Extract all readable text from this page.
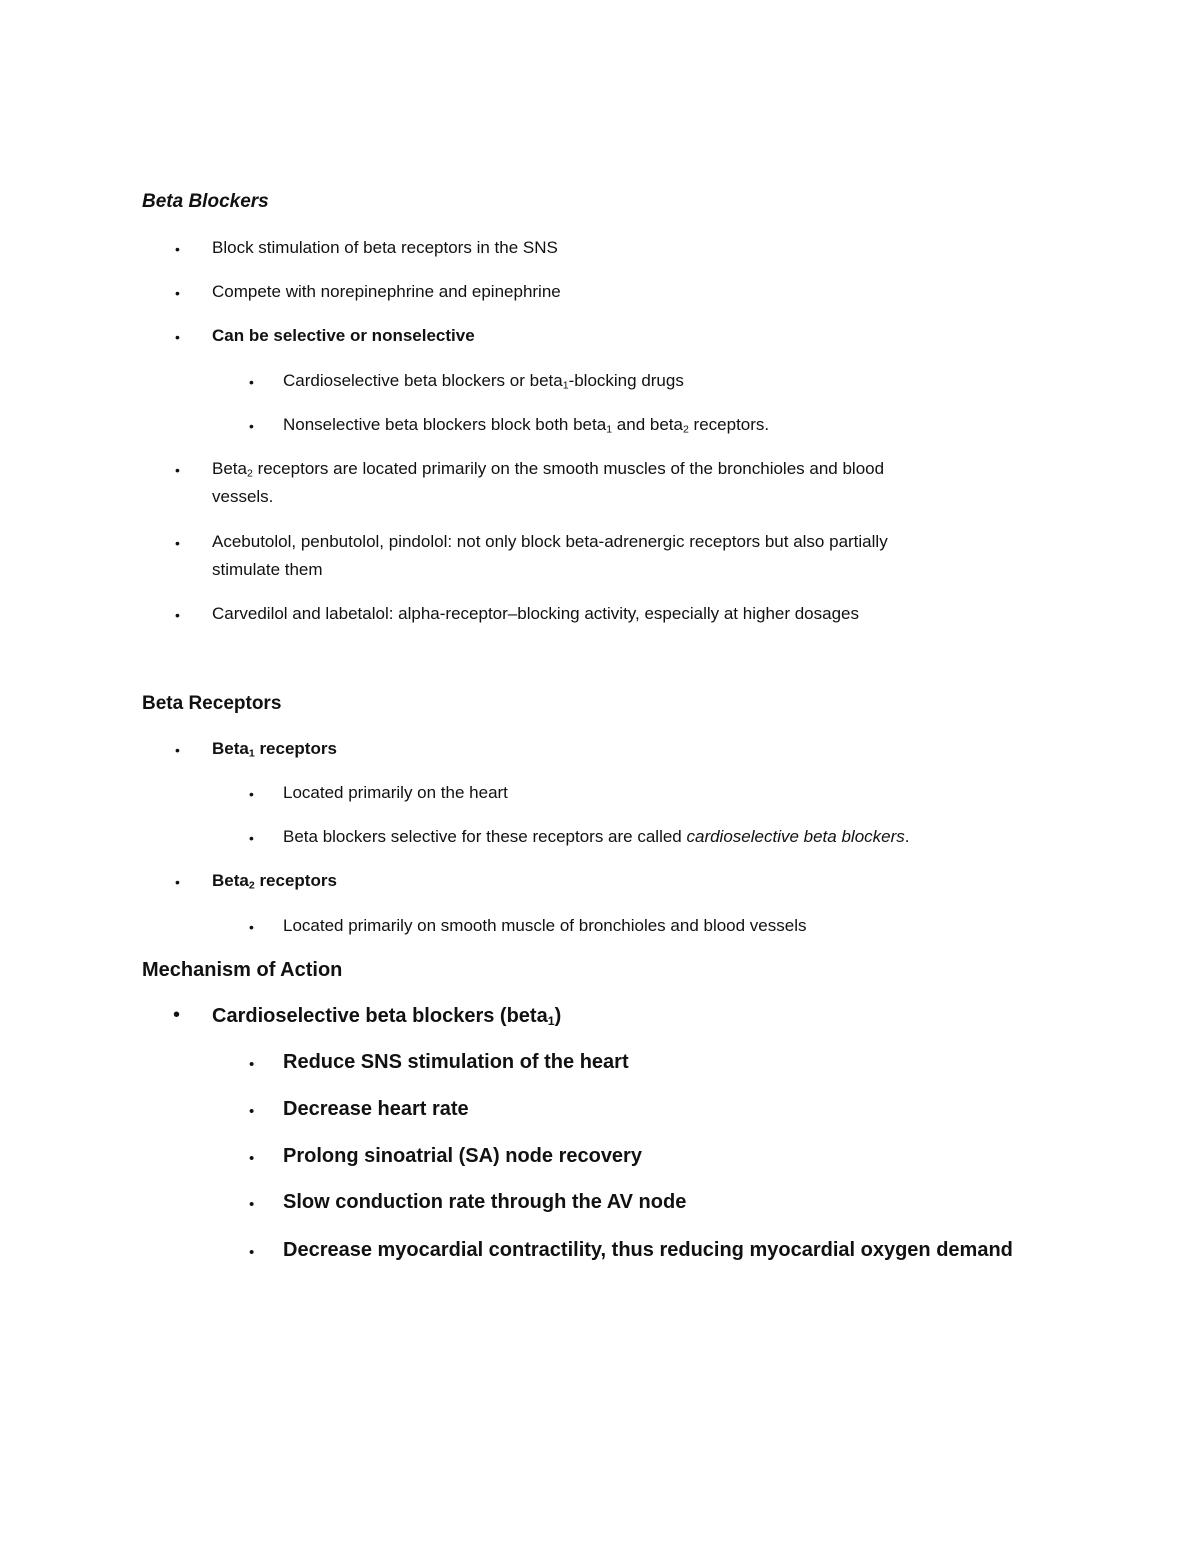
Beta Blockers
• Block stimulation of beta receptors in the SNS
• Compete with norepinephrine and epinephrine
• Can be selective or nonselective
• Cardioselective beta blockers or beta$_1$-blocking drugs
• Nonselective beta blockers block both beta$_1$ and beta$_2$ receptors.
• Beta$_2$ receptors are located primarily on the smooth muscles of the bronchioles and blood
vessels.
• Acebutolol, penbutolol, pindolol: not only block beta-adrenergic receptors but also partially
stimulate them
• Carvedilol and labetalol: alpha-receptor–blocking activity, especially at higher dosages
Beta Receptors
• Beta$_1$ receptors
• Located primarily on the heart
• Beta blockers selective for these receptors are called cardioselective beta blockers.
• Beta$_2$ receptors
• Located primarily on smooth muscle of bronchioles and blood vessels
Mechanism of Action
• Cardioselective beta blockers (beta$_1$)
• Reduce SNS stimulation of the heart
• Decrease heart rate
• Prolong sinoatrial (SA) node recovery
• Slow conduction rate through the AV node
• Decrease myocardial contractility, thus reducing myocardial oxygen demand
